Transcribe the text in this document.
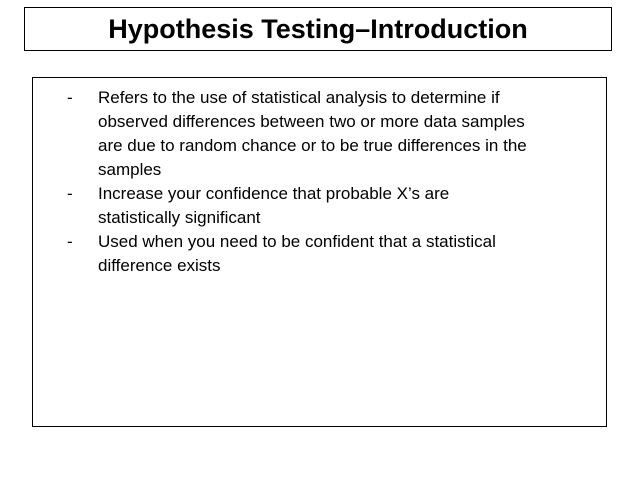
Hypothesis Testing–Introduction
- Refers to the use of statistical analysis to determine if
observed differences between two or more data samples
are due to random chance or to be true differences in the
samples
- Increase your confidence that probable X’s are
statistically significant
- Used when you need to be confident that a statistical
difference exists
